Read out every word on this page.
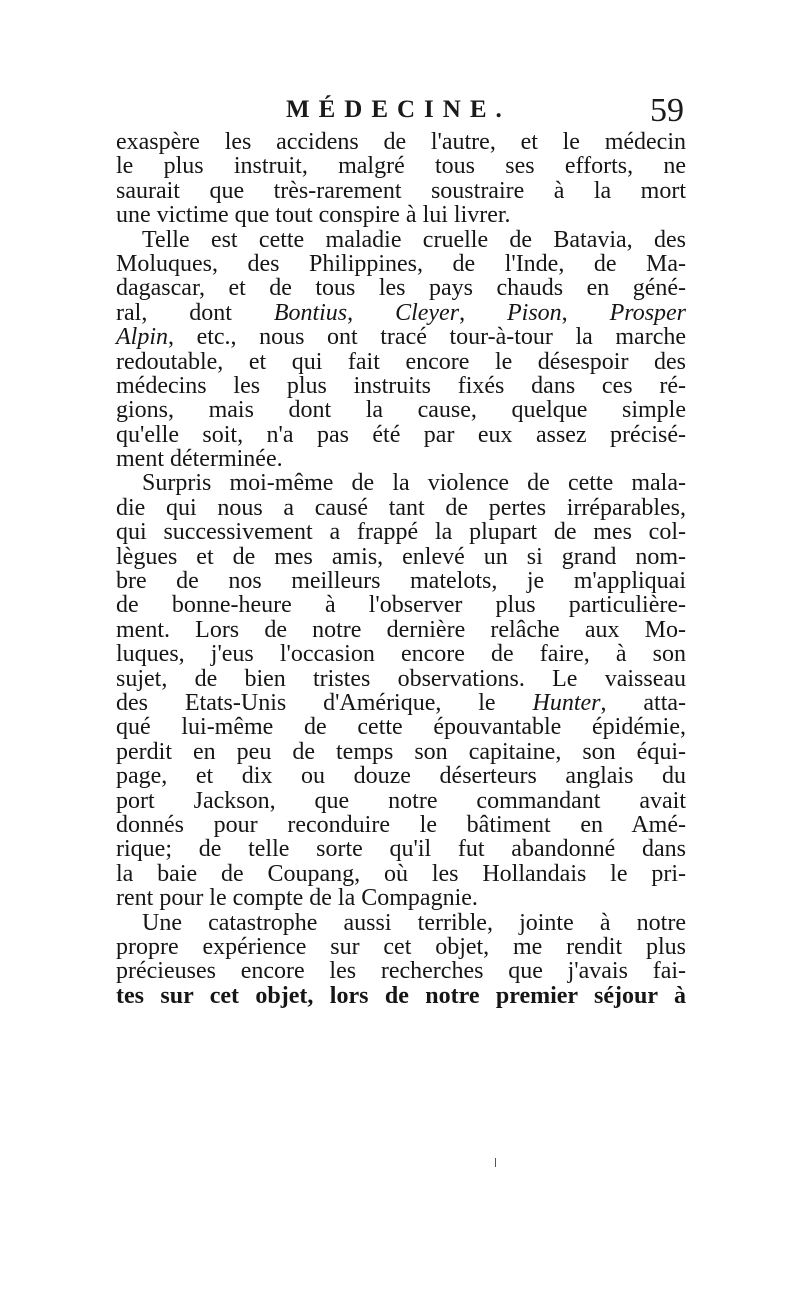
MÉDECINE.	59
exaspère les accidens de l'autre, et le médecin
le plus instruit, malgré tous ses efforts, ne
saurait que très-rarement soustraire à la mort
une victime que tout conspire à lui livrer.
Telle est cette maladie cruelle de Batavia, des
Moluques, des Philippines, de l'Inde, de Ma-
dagascar, et de tous les pays chauds en géné-
ral, dont Bontius, Cleyer, Pison, Prosper
Alpin, etc., nous ont tracé tour-à-tour la marche
redoutable, et qui fait encore le désespoir des
médecins les plus instruits fixés dans ces ré-
gions, mais dont la cause, quelque simple
qu'elle soit, n'a pas été par eux assez précisé-
ment déterminée.
Surpris moi-même de la violence de cette mala-
die qui nous a causé tant de pertes irréparables,
qui successivement a frappé la plupart de mes col-
lègues et de mes amis, enlevé un si grand nom-
bre de nos meilleurs matelots, je m'appliquai
de bonne-heure à l'observer plus particulière-
ment. Lors de notre dernière relâche aux Mo-
luques, j'eus l'occasion encore de faire, à son
sujet, de bien tristes observations. Le vaisseau
des Etats-Unis d'Amérique, le Hunter, atta-
qué lui-même de cette épouvantable épidémie,
perdit en peu de temps son capitaine, son équi-
page, et dix ou douze déserteurs anglais du
port Jackson, que notre commandant avait
donnés pour reconduire le bâtiment en Amé-
rique; de telle sorte qu'il fut abandonné dans
la baie de Coupang, où les Hollandais le pri-
rent pour le compte de la Compagnie.
Une catastrophe aussi terrible, jointe à notre
propre expérience sur cet objet, me rendit plus
précieuses encore les recherches que j'avais fai-
tes sur cet objet, lors de notre premier séjour à
